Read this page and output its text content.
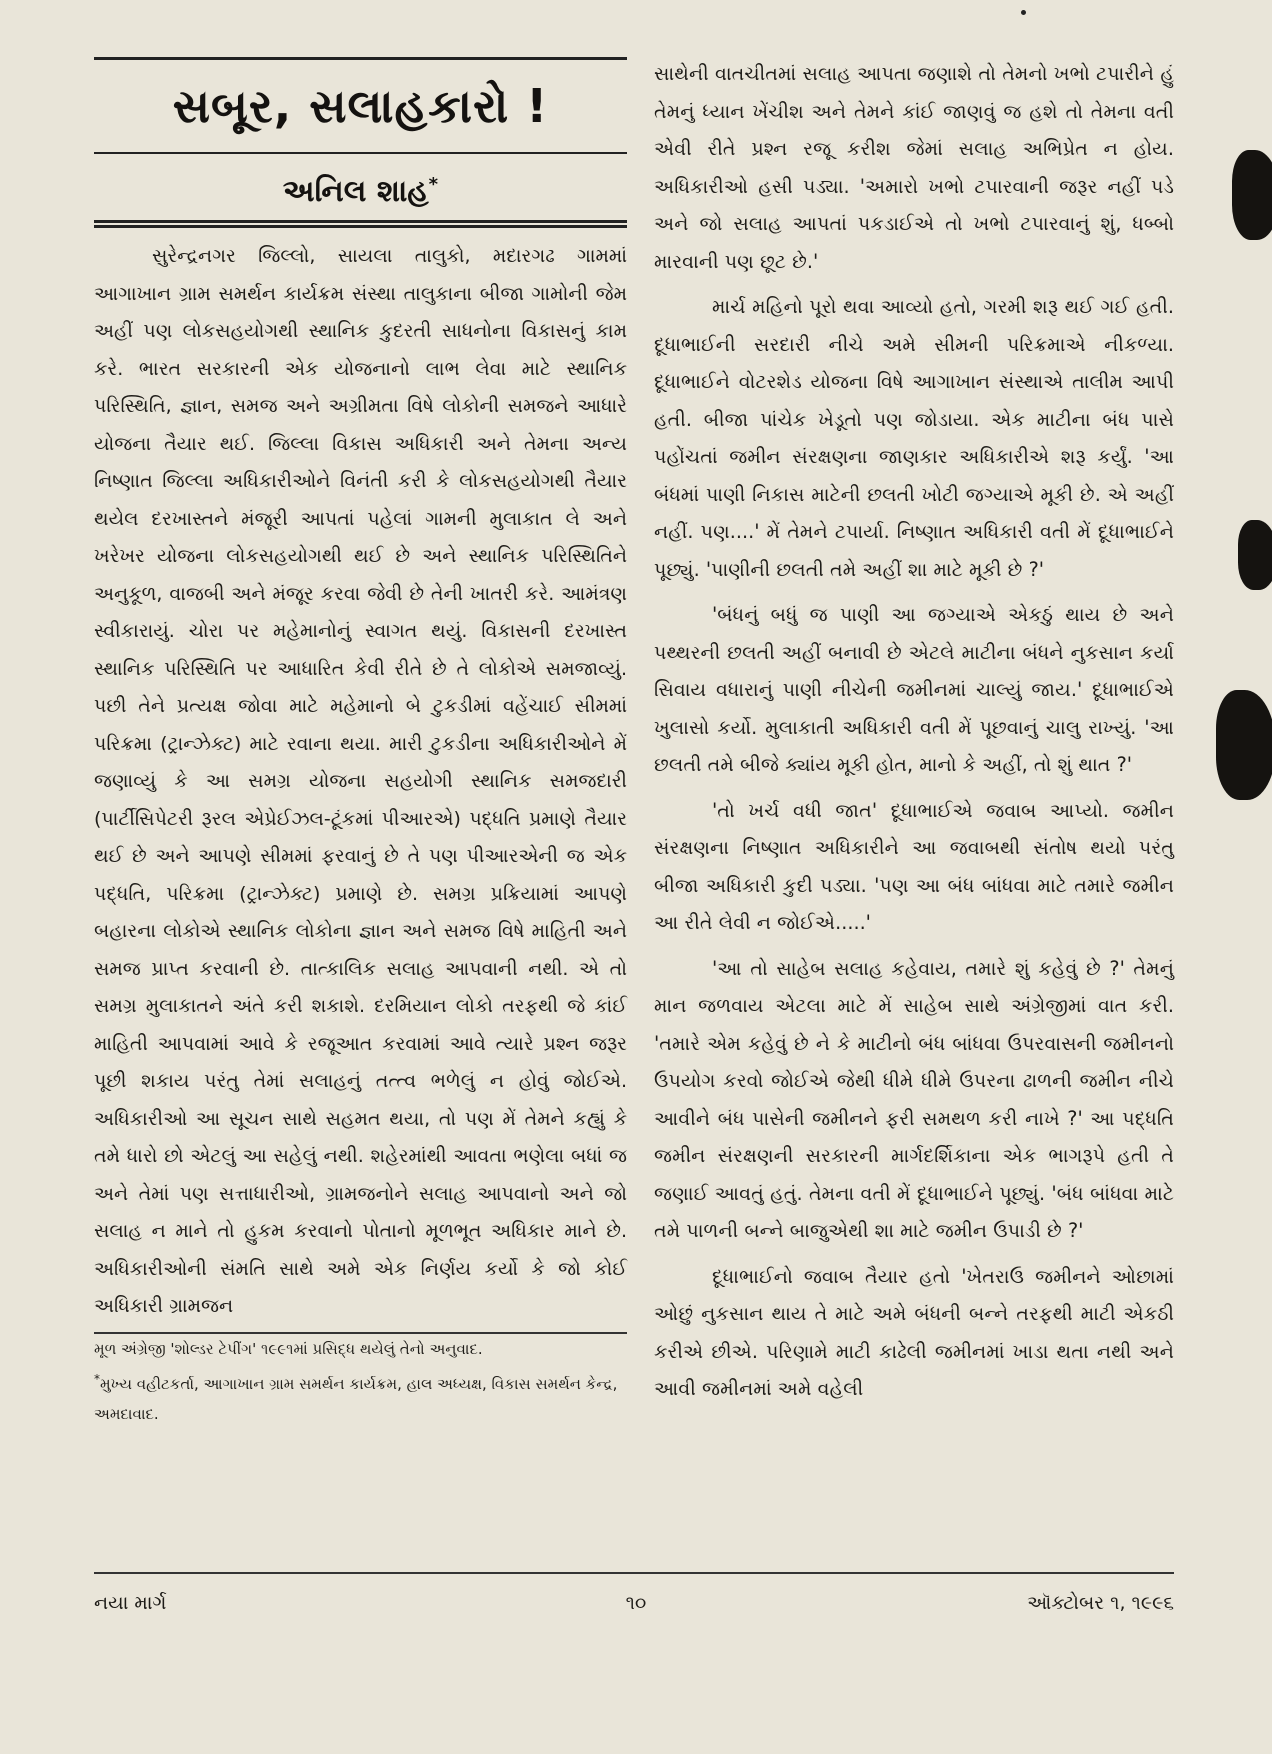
સબૂર, સલાહકારો !
અનિલ શાહ*

સુરેન્દ્રનગર જિલ્લો, સાયલા તાલુકો, મદારગઢ ગામમાં આગાખાન ગ્રામ સમર્થન કાર્યક્રમ સંસ્થા તાલુકાના બીજા ગામોની જેમ અહીં પણ લોકસહયોગથી સ્થાનિક કુદરતી સાધનોના વિકાસનું કામ કરે. ભારત સરકારની એક યોજનાનો લાભ લેવા માટે સ્થાનિક પરિસ્થિતિ, જ્ઞાન, સમજ અને અગ્રીમતા વિષે લોકોની સમજને આધારે યોજના તૈયાર થઈ. જિલ્લા વિકાસ અધિકારી અને તેમના અન્ય નિષ્ણાત જિલ્લા અધિકારીઓને વિનંતી કરી કે લોકસહયોગથી તૈયાર થયેલ દરખાસ્તને મંજૂરી આપતાં પહેલાં ગામની મુલાકાત લે અને ખરેખર યોજના લોકસહયોગથી થઈ છે અને સ્થાનિક પરિસ્થિતિને અનુકૂળ, વાજબી અને મંજૂર કરવા જેવી છે તેની ખાતરી કરે. આમંત્રણ સ્વીકારાયું. ચોરા પર મહેમાનોનું સ્વાગત થયું. વિકાસની દરખાસ્ત સ્થાનિક પરિસ્થિતિ પર આધારિત કેવી રીતે છે તે લોકોએ સમજાવ્યું. પછી તેને પ્રત્યક્ષ જોવા માટે મહેમાનો બે ટુકડીમાં વહેંચાઈ સીમમાં પરિક્રમા (ટ્રાન્ઝેક્ટ) માટે રવાના થયા. મારી ટુકડીના અધિકારીઓને મેં જણાવ્યું કે આ સમગ્ર યોજના સહયોગી સ્થાનિક સમજદારી (પાર્ટીસિપેટરી રૂરલ એપ્રેઈઝલ-ટૂંકમાં પીઆરએ) પદ્ધતિ પ્રમાણે તૈયાર થઈ છે અને આપણે સીમમાં ફરવાનું છે તે પણ પીઆરએની જ એક પદ્ધતિ, પરિક્રમા (ટ્રાન્ઝેક્ટ) પ્રમાણે છે. સમગ્ર પ્રક્રિયામાં આપણે બહારના લોકોએ સ્થાનિક લોકોના જ્ઞાન અને સમજ વિષે માહિતી અને સમજ પ્રાપ્ત કરવાની છે. તાત્કાલિક સલાહ આપવાની નથી. એ તો સમગ્ર મુલાકાતને અંતે કરી શકાશે. દરમિયાન લોકો તરફથી જે કાંઈ માહિતી આપવામાં આવે કે રજૂઆત કરવામાં આવે ત્યારે પ્રશ્ન જરૂર પૂછી શકાય પરંતુ તેમાં સલાહનું તત્ત્વ ભળેલું ન હોવું જોઈએ. અધિકારીઓ આ સૂચન સાથે સહમત થયા, તો પણ મેં તેમને કહ્યું કે તમે ધારો છો એટલું આ સહેલું નથી. શહેરમાંથી આવતા ભણેલા બધાં જ અને તેમાં પણ સત્તાધારીઓ, ગ્રામજનોને સલાહ આપવાનો અને જો સલાહ ન માને તો હુકમ કરવાનો પોતાનો મૂળભૂત અધિકાર માને છે. અધિકારીઓની સંમતિ સાથે અમે એક નિર્ણય કર્યો કે જો કોઈ અધિકારી ગ્રામજન

મૂળ અંગ્રેજી 'શોલ્ડર ટેપીંગ' ૧૯૯૧માં પ્રસિદ્ધ થયેલું તેનો અનુવાદ.

*મુખ્ય વહીટકર્તા, આગાખાન ગ્રામ સમર્થન કાર્યક્રમ, હાલ અધ્યક્ષ, વિકાસ સમર્થન કેન્દ્ર, અમદાવાદ.

સાથેની વાતચીતમાં સલાહ આપતા જણાશે તો તેમનો ખભો ટપારીને હું તેમનું ધ્યાન ખેંચીશ અને તેમને કાંઈ જાણવું જ હશે તો તેમના વતી એવી રીતે પ્રશ્ન રજૂ કરીશ જેમાં સલાહ અભિપ્રેત ન હોય. અધિકારીઓ હસી પડ્યા. 'અમારો ખભો ટપારવાની જરૂર નહીં પડે અને જો સલાહ આપતાં પકડાઈએ તો ખભો ટપારવાનું શું, ધબ્બો મારવાની પણ છૂટ છે.'

માર્ચ મહિનો પૂરો થવા આવ્યો હતો, ગરમી શરૂ થઈ ગઈ હતી. દૂધાભાઈની સરદારી નીચે અમે સીમની પરિક્રમાએ નીકળ્યા. દૂધાભાઈને વોટરશેડ યોજના વિષે આગાખાન સંસ્થાએ તાલીમ આપી હતી. બીજા પાંચેક ખેડૂતો પણ જોડાયા. એક માટીના બંધ પાસે પહોંચતાં જમીન સંરક્ષણના જાણકાર અધિકારીએ શરૂ કર્યું. 'આ બંધમાં પાણી નિકાસ માટેની છલતી ખોટી જગ્યાએ મૂકી છે. એ અહીં નહીં. પણ....' મેં તેમને ટપાર્યા. નિષ્ણાત અધિકારી વતી મેં દૂધાભાઈને પૂછ્યું. 'પાણીની છલતી તમે અહીં શા માટે મૂકી છે ?'

'બંધનું બધું જ પાણી આ જગ્યાએ એકઠું થાય છે અને પથ્થરની છલતી અહીં બનાવી છે એટલે માટીના બંધને નુકસાન કર્યા સિવાય વધારાનું પાણી નીચેની જમીનમાં ચાલ્યું જાય.' દૂધાભાઈએ ખુલાસો કર્યો. મુલાકાતી અધિકારી વતી મેં પૂછવાનું ચાલુ રાખ્યું. 'આ છલતી તમે બીજે ક્યાંય મૂકી હોત, માનો કે અહીં, તો શું થાત ?'

'તો ખર્ચ વધી જાત' દૂધાભાઈએ જવાબ આપ્યો. જમીન સંરક્ષણના નિષ્ણાત અધિકારીને આ જવાબથી સંતોષ થયો પરંતુ બીજા અધિકારી કુદી પડ્યા. 'પણ આ બંધ બાંધવા માટે તમારે જમીન આ રીતે લેવી ન જોઈએ.....'

'આ તો સાહેબ સલાહ કહેવાય, તમારે શું કહેવું છે ?' તેમનું માન જળવાય એટલા માટે મેં સાહેબ સાથે અંગ્રેજીમાં વાત કરી. 'તમારે એમ કહેવું છે ને કે માટીનો બંધ બાંધવા ઉપરવાસની જમીનનો ઉપયોગ કરવો જોઈએ જેથી ધીમે ધીમે ઉપરના ઢાળની જમીન નીચે આવીને બંધ પાસેની જમીનને ફરી સમથળ કરી નાખે ?' આ પદ્ધતિ જમીન સંરક્ષણની સરકારની માર્ગદર્શિકાના એક ભાગરૂપે હતી તે જણાઈ આવતું હતું. તેમના વતી મેં દૂધાભાઈને પૂછ્યું. 'બંધ બાંધવા માટે તમે પાળની બન્ને બાજુએથી શા માટે જમીન ઉપાડી છે ?'

દૂધાભાઈનો જવાબ તૈયાર હતો 'ખેતરાઉ જમીનને ઓછામાં ઓછું નુકસાન થાય તે માટે અમે બંધની બન્ને તરફથી માટી એકઠી કરીએ છીએ. પરિણામે માટી કાઢેલી જમીનમાં ખાડા થતા નથી અને આવી જમીનમાં અમે વહેલી

નયા માર્ગ	૧૦	ઑક્ટોબર ૧, ૧૯૯૬
